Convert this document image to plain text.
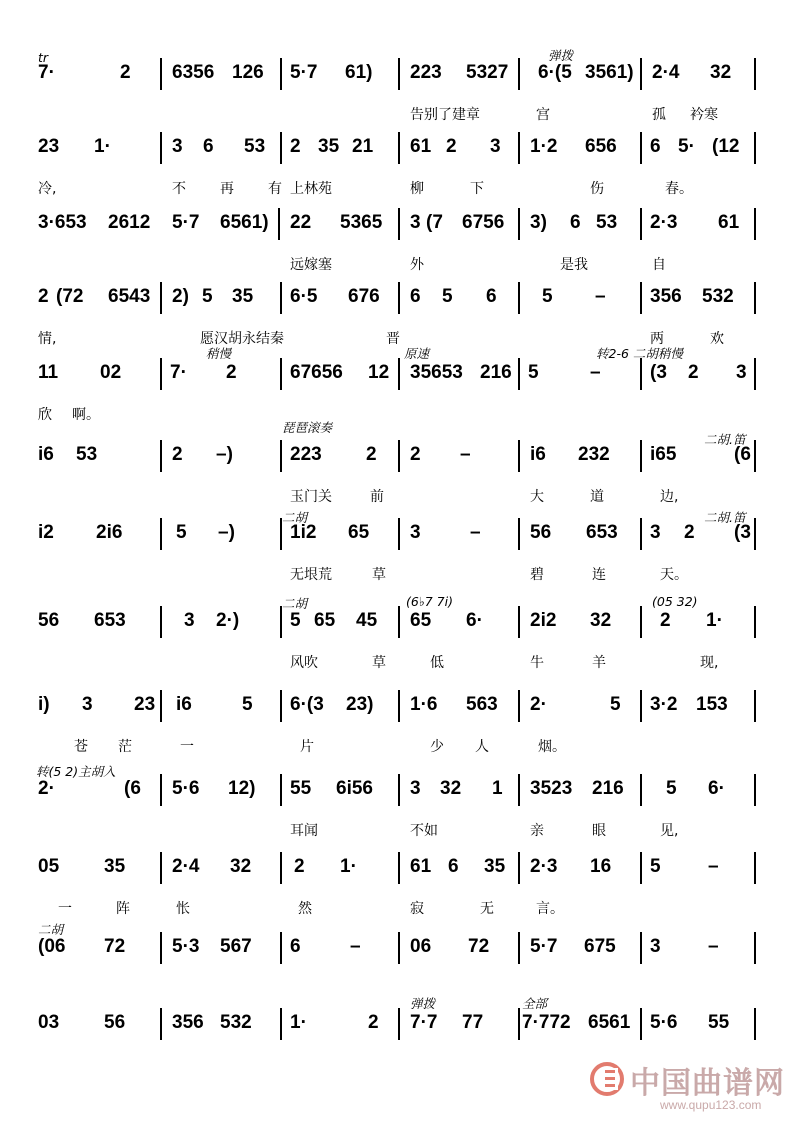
7·	2 6356 126 5·7 61) 223 5327 6·(5 3561) 2·4 32
告别了建章	宫	孤 衿寒
tr	弹拨
23 1·	3 6 53 2 35 21 61 2 3 1·2 656 6 5· (12
冷,	不 再 有 上林苑	柳	下	伤	春。
3·653 2612 5·7 6561) 22 5365 3 (7 6756 3) 6 53 2·3 61
远嫁塞	外	是我	自
2 (72 6543 2) 5 35 6·5 676 6 5 6 5 – 356 532
情,	愿汉胡永结秦	晋	两	欢
11 02	7· 2	67656 12 35653 216 5	–	(3 2 3
欣 啊。
稍慢	原速	转2-6 二胡稍慢
i6 53	2 –)	223 2 2 –	i6 232 i65	(6
玉门关	前	大	道	边,
琵琶滚奏
二胡.笛
i2 2i6	5 –)	1i2 65 3	–	56 653 3 2 (3
无垠荒	草	碧	连	天。
二胡	二胡.笛
56 653	3 2·)	5 65 45 65 6· 2i2 32	2 1·
风吹	草	低	牛	羊	现,
二胡	(6♭7 7i)	(05 32)
i) 3 23 i6	5 6·(3 23) 1·6 563 2·	5 3·2 153
苍 茫	一	片	少 人	烟。
2·	(6 5·6 12) 55 6i56 3 32 1 3523 216 5 6·
耳闻	不如	亲	眼	见,
转(5 2)主胡入
05 35 2·4 32 2 1·	61 6 35 2·3 16 5 –
一	阵	怅	然	寂	无	言。
(06 72 5·3 567 6	–	06 72 5·7 675 3 –
二胡
03 56 356 532 1·	2 7·7 77 7·772 6561 5·6 55
弹拨	全部
中国曲谱网
www.qupu123.com
